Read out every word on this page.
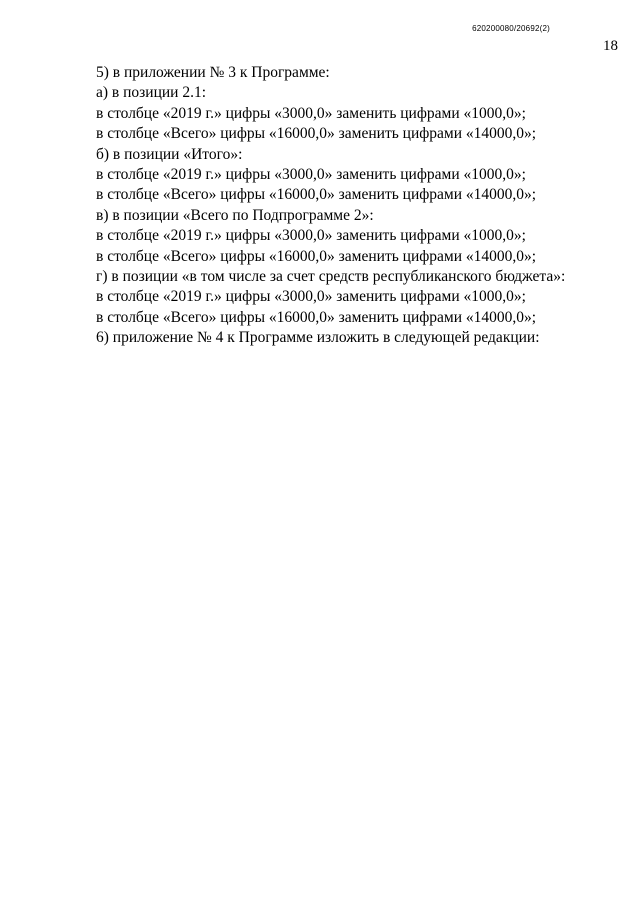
620200080/20692(2)
18
5) в приложении № 3 к Программе:
а) в позиции 2.1:
в столбце «2019 г.» цифры «3000,0» заменить цифрами «1000,0»;
в столбце «Всего» цифры «16000,0» заменить цифрами «14000,0»;
б) в позиции «Итого»:
в столбце «2019 г.» цифры «3000,0» заменить цифрами «1000,0»;
в столбце «Всего» цифры «16000,0» заменить цифрами «14000,0»;
в) в позиции «Всего по Подпрограмме 2»:
в столбце «2019 г.» цифры «3000,0» заменить цифрами «1000,0»;
в столбце «Всего» цифры «16000,0» заменить цифрами «14000,0»;
г) в позиции «в том числе за счет средств республиканского бюджета»:
в столбце «2019 г.» цифры «3000,0» заменить цифрами «1000,0»;
в столбце «Всего» цифры «16000,0» заменить цифрами «14000,0»;
6) приложение № 4 к Программе изложить в следующей редакции:
